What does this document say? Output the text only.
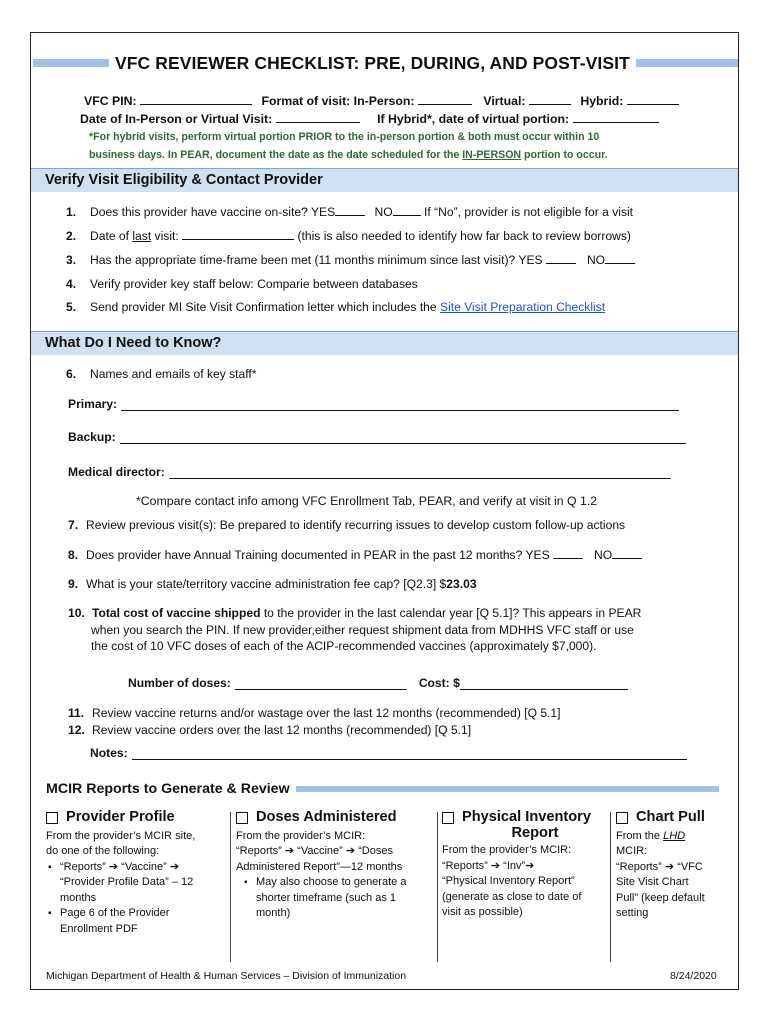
VFC REVIEWER CHECKLIST: PRE, DURING, AND POST-VISIT
VFC PIN:	Format of visit: In-Person:	Virtual:	Hybrid:
Date of In-Person or Virtual Visit:	If Hybrid*, date of virtual portion:
*For hybrid visits, perform virtual portion PRIOR to the in-person portion & both must occur within 10
business days. In PEAR, document the date as the date scheduled for the IN-PERSON portion to occur.
Verify Visit Eligibility & Contact Provider
1. Does this provider have vaccine on-site? YES	NO If “No”, provider is not eligible for a visit
2. Date of last visit:	(this is also needed to identify how far back to review borrows)
3. Has the appropriate time-frame been met (11 months minimum since last visit)? YES	NO
4. Verify provider key staff below: Comparie between databases
5. Send provider MI Site Visit Confirmation letter which includes the Site Visit Preparation Checklist
What Do I Need to Know?
6. Names and emails of key staff*
Primary:
Backup:
Medical director:
*Compare contact info among VFC Enrollment Tab, PEAR, and verify at visit in Q 1.2
7. Review previous visit(s): Be prepared to identify recurring issues to develop custom follow-up actions
8. Does provider have Annual Training documented in PEAR in the past 12 months? YES	NO
9. What is your state/territory vaccine administration fee cap? [Q2.3] $23.03
10. Total cost of vaccine shipped to the provider in the last calendar year [Q 5.1]? This appears in PEAR
when you search the PIN. If new provider,either request shipment data from MDHHS VFC staff or use
the cost of 10 VFC doses of each of the ACIP-recommended vaccines (approximately $7,000).
Number of doses:	Cost: $
11. Review vaccine returns and/or wastage over the last 12 months (recommended) [Q 5.1]
12. Review vaccine orders over the last 12 months (recommended) [Q 5.1]
Notes:
MCIR Reports to Generate & Review
Provider Profile
From the provider’s MCIR site,
do one of the following:
▪ “Reports” ➔ “Vaccine” ➔
“Provider Profile Data” – 12
months
▪ Page 6 of the Provider
Enrollment PDF
Doses Administered
From the provider’s MCIR:
“Reports” ➔ “Vaccine” ➔ “Doses
Administered Report”—12 months
▪ May also choose to generate a
shorter timeframe (such as 1
month)
Physical Inventory
Report
From the provider’s MCIR:
“Reports” ➔ “Inv”➔
“Physical Inventory Report”
(generate as close to date of
visit as possible)
Chart Pull
From the LHD
MCIR:
“Reports” ➔ “VFC
Site Visit Chart
Pull” (keep default
setting
Michigan Department of Health & Human Services – Division of Immunization	8/24/2020
